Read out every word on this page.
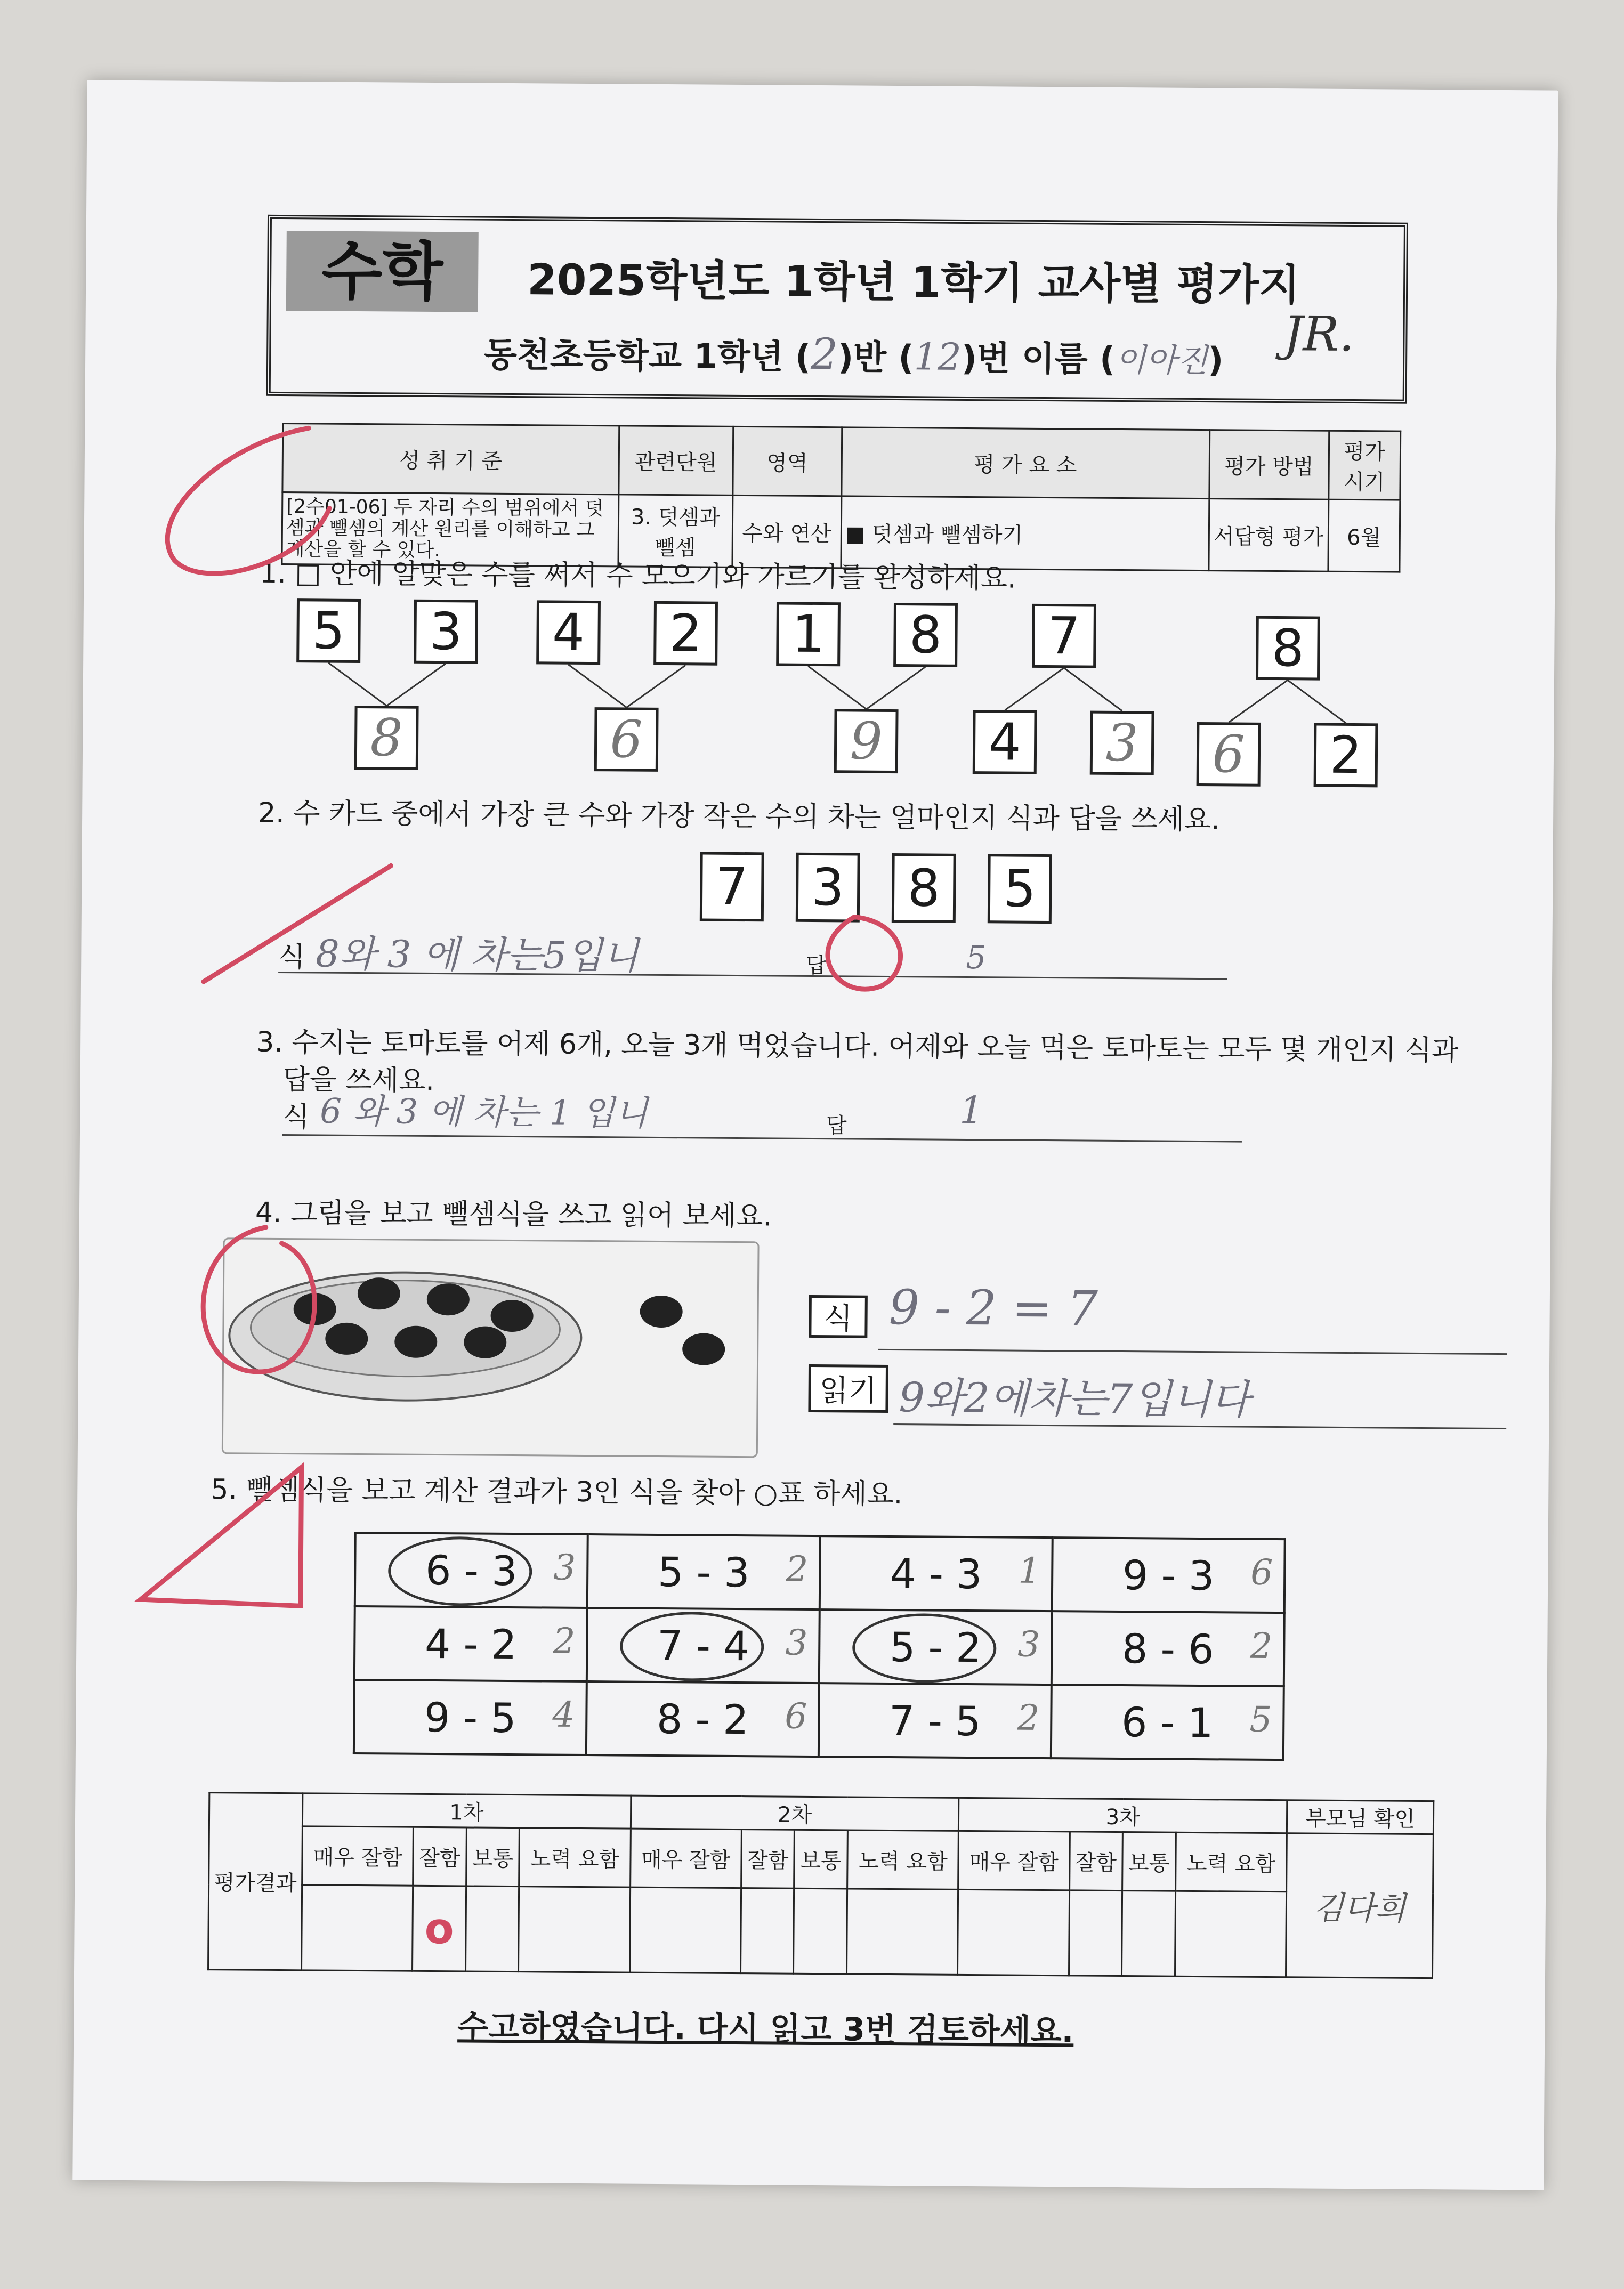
수학	2025학년도 1학년 1학기 교사별 평가지
동천초등학교 1학년 (2)반 (12)번 이름 (이아진) JR.
성 취 기 준	관련단원	영역	평 가 요 소	평가 방법	평가 시기
[2수01-06] 두 자리 수의 범위에서 덧셈과 뺄셈의 계산 원리를 이해하고 그 계산을 할 수 있다.	3. 덧셈과 뺄셈	수와 연산	■ 덧셈과 뺄셈하기	서답형 평가	6월
1. □ 안에 알맞은 수를 써서 수 모으기와 가르기를 완성하세요.
5	3
8
4	2
6
1	8
9
7
4	3
8
6	2
2. 수 카드 중에서 가장 큰 수와 가장 작은 수의 차는 얼마인지 식과 답을 쓰세요.
7	3	8	5
식 8와 3 에 차는5입니	답	5
3. 수지는 토마토를 어제 6개, 오늘 3개 먹었습니다. 어제와 오늘 먹은 토마토는 모두 몇 개인지 식과
답을 쓰세요.
식 6 와 3 에 차는 1 입니	답	1
4. 그림을 보고 뺄셈식을 쓰고 읽어 보세요.
식 9 - 2 = 7
읽기 9와2에차는7입니다
5. 뺄셈식을 보고 계산 결과가 3인 식을 찾아 ○표 하세요.
6 - 3 3	5 - 3 2	4 - 3 1	9 - 3 6

4 - 2 2	7 - 4 3	5 - 2 3	8 - 6 2

9 - 5 4	8 - 2 6	7 - 5 2	6 - 1 5
평가결과	1차				2차				3차				부모님 확인
	매우 잘함	잘함	보통	노력 요함	매우 잘함	잘함	보통	노력 요함	매우 잘함	잘함	보통	노력 요함	김다희
		o											
수고하였습니다. 다시 읽고 3번 검토하세요.
